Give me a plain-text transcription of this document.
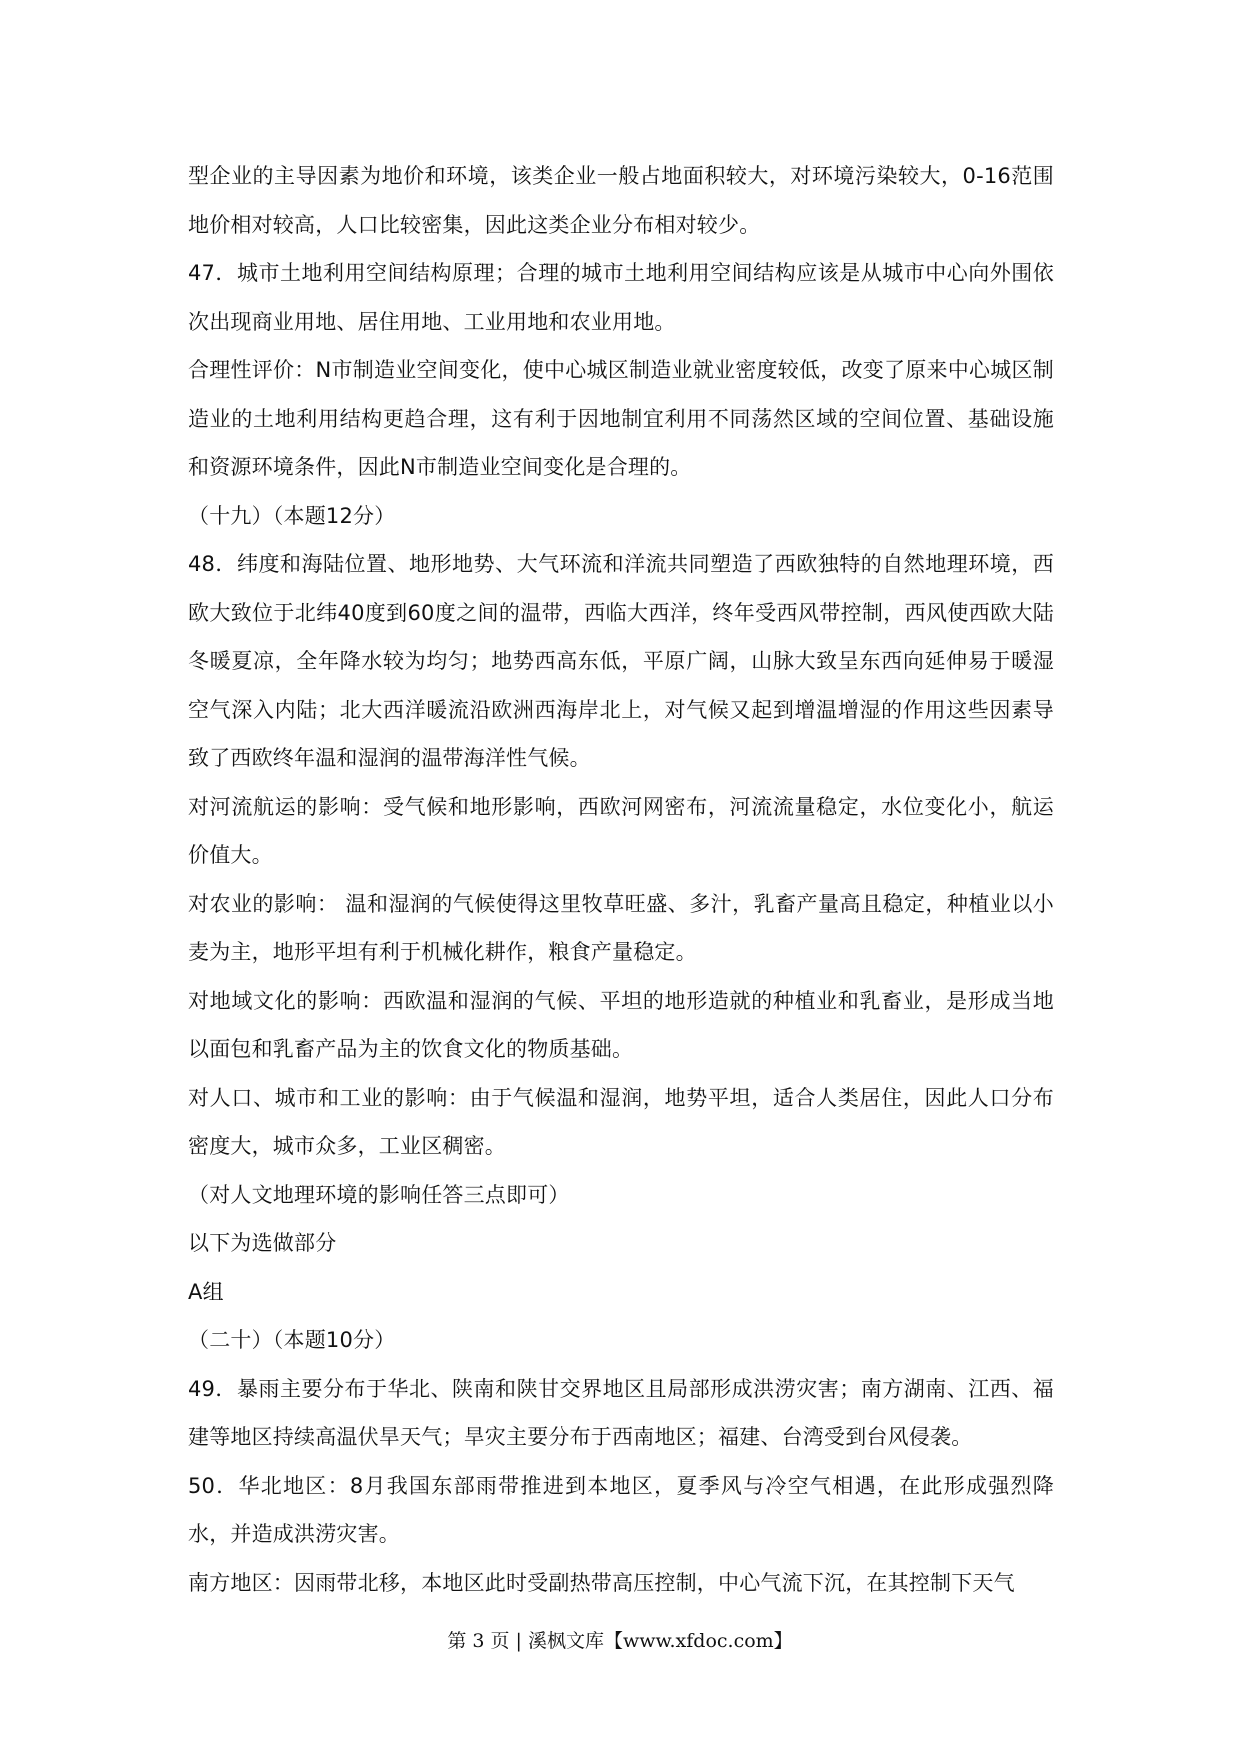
型企业的主导因素为地价和环境，该类企业一般占地面积较大，对环境污染较大，0-16范围地价相对较高，人口比较密集，因此这类企业分布相对较少。

47．城市土地利用空间结构原理；合理的城市土地利用空间结构应该是从城市中心向外围依次出现商业用地、居住用地、工业用地和农业用地。

合理性评价：N市制造业空间变化，使中心城区制造业就业密度较低，改变了原来中心城区制造业的土地利用结构更趋合理，这有利于因地制宜利用不同荡然区域的空间位置、基础设施和资源环境条件，因此N市制造业空间变化是合理的。

（十九）（本题12分）

48．纬度和海陆位置、地形地势、大气环流和洋流共同塑造了西欧独特的自然地理环境，西欧大致位于北纬40度到60度之间的温带，西临大西洋，终年受西风带控制，西风使西欧大陆冬暖夏凉，全年降水较为均匀；地势西高东低，平原广阔，山脉大致呈东西向延伸易于暖湿空气深入内陆；北大西洋暖流沿欧洲西海岸北上，对气候又起到增温增湿的作用这些因素导致了西欧终年温和湿润的温带海洋性气候。

对河流航运的影响：受气候和地形影响，西欧河网密布，河流流量稳定，水位变化小，航运价值大。

对农业的影响： 温和湿润的气候使得这里牧草旺盛、多汁，乳畜产量高且稳定，种植业以小麦为主，地形平坦有利于机械化耕作，粮食产量稳定。

对地域文化的影响：西欧温和湿润的气候、平坦的地形造就的种植业和乳畜业，是形成当地以面包和乳畜产品为主的饮食文化的物质基础。

对人口、城市和工业的影响：由于气候温和湿润，地势平坦，适合人类居住，因此人口分布密度大，城市众多，工业区稠密。

（对人文地理环境的影响任答三点即可）

以下为选做部分

A组

（二十）（本题10分）

49．暴雨主要分布于华北、陕南和陕甘交界地区且局部形成洪涝灾害；南方湖南、江西、福建等地区持续高温伏旱天气；旱灾主要分布于西南地区；福建、台湾受到台风侵袭。

50．华北地区：8月我国东部雨带推进到本地区，夏季风与冷空气相遇，在此形成强烈降水，并造成洪涝灾害。

南方地区：因雨带北移，本地区此时受副热带高压控制，中心气流下沉，在其控制下天气

第 3 页 | 溪枫文库【www.xfdoc.com】
